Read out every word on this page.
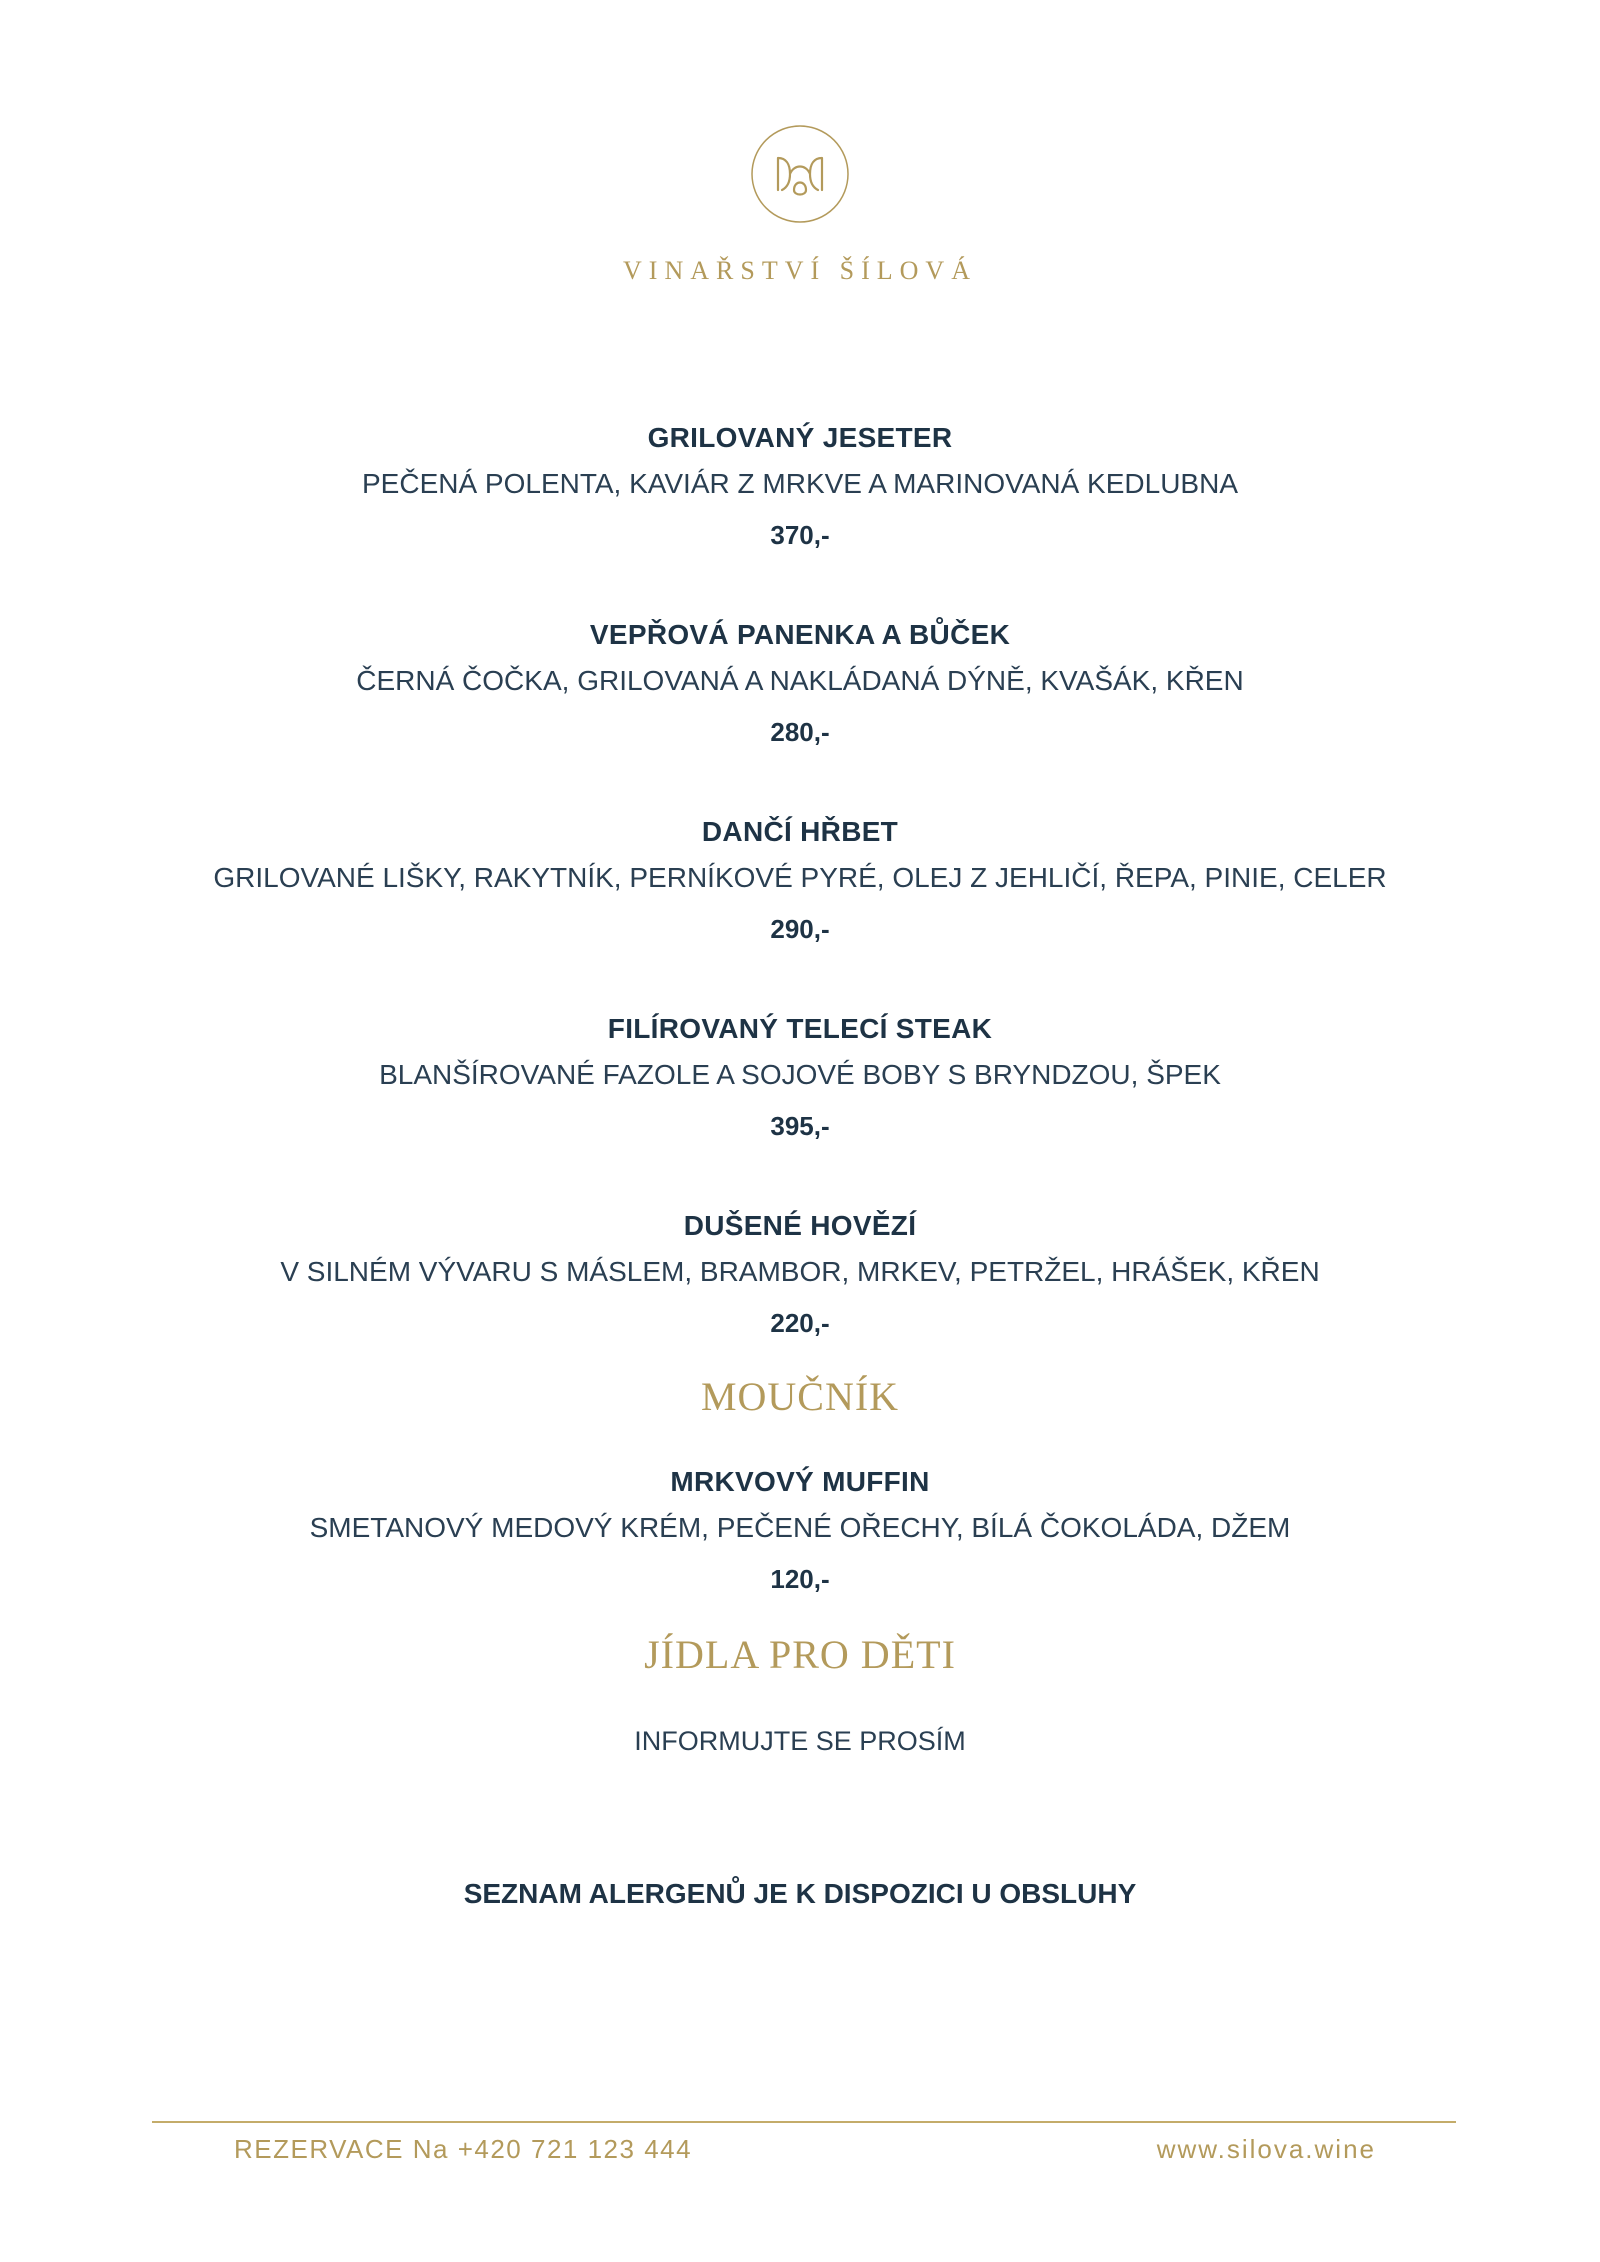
VINAŘSTVÍ ŠÍLOVÁ
GRILOVANÝ JESETER
PEČENÁ POLENTA, KAVIÁR Z MRKVE A MARINOVANÁ KEDLUBNA
370,-
VEPŘOVÁ PANENKA A BŮČEK
ČERNÁ ČOČKA, GRILOVANÁ A NAKLÁDANÁ DÝNĚ, KVAŠÁK, KŘEN
280,-
DANČÍ HŘBET
GRILOVANÉ LIŠKY, RAKYTNÍK, PERNÍKOVÉ PYRÉ, OLEJ Z JEHLIČÍ, ŘEPA, PINIE, CELER
290,-
FILÍROVANÝ TELECÍ STEAK
BLANŠÍROVANÉ FAZOLE A SOJOVÉ BOBY S BRYNDZOU, ŠPEK
395,-
DUŠENÉ HOVĚZÍ
V SILNÉM VÝVARU S MÁSLEM, BRAMBOR, MRKEV, PETRŽEL, HRÁŠEK, KŘEN
220,-
MOUČNÍK
MRKVOVÝ MUFFIN
SMETANOVÝ MEDOVÝ KRÉM, PEČENÉ OŘECHY, BÍLÁ ČOKOLÁDA, DŽEM
120,-
JÍDLA PRO DĚTI
INFORMUJTE SE PROSÍM
SEZNAM ALERGENŮ JE K DISPOZICI U OBSLUHY
REZERVACE Na +420 721 123 444	www.silova.wine
